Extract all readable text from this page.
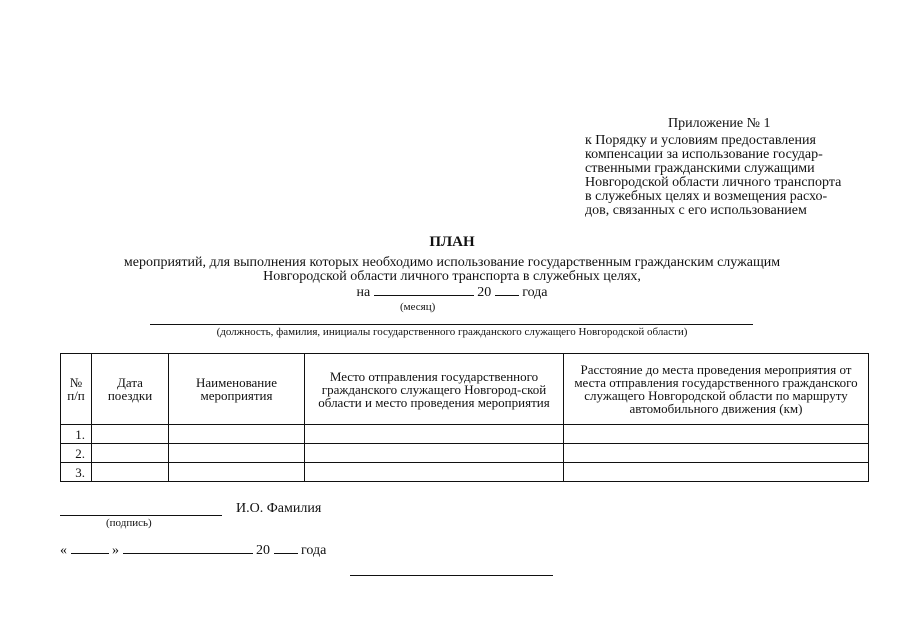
Приложение № 1
к Порядку и условиям предоставления
компенсации за использование государ-
ственными гражданскими служащими
Новгородской области личного транспорта
в служебных целях и возмещения расхо-
дов, связанных с его использованием
ПЛАН
мероприятий, для выполнения которых необходимо использование государственным гражданским служащим
Новгородской области личного транспорта в служебных целях,
на	20 года
(месяц)
(должность, фамилия, инициалы государственного гражданского служащего Новгородской области)
№ п/п	Дата поездки	Наименование мероприятия	Место отправления государственного гражданского служащего Новгород-ской области и место проведения мероприятия	Расстояние до места проведения мероприятия от места отправления государственного гражданского служащего Новгородской области по маршруту автомобильного движения (км)
1.				
2.				
3.				
И.О. Фамилия
(подпись)
«	»	20 года
